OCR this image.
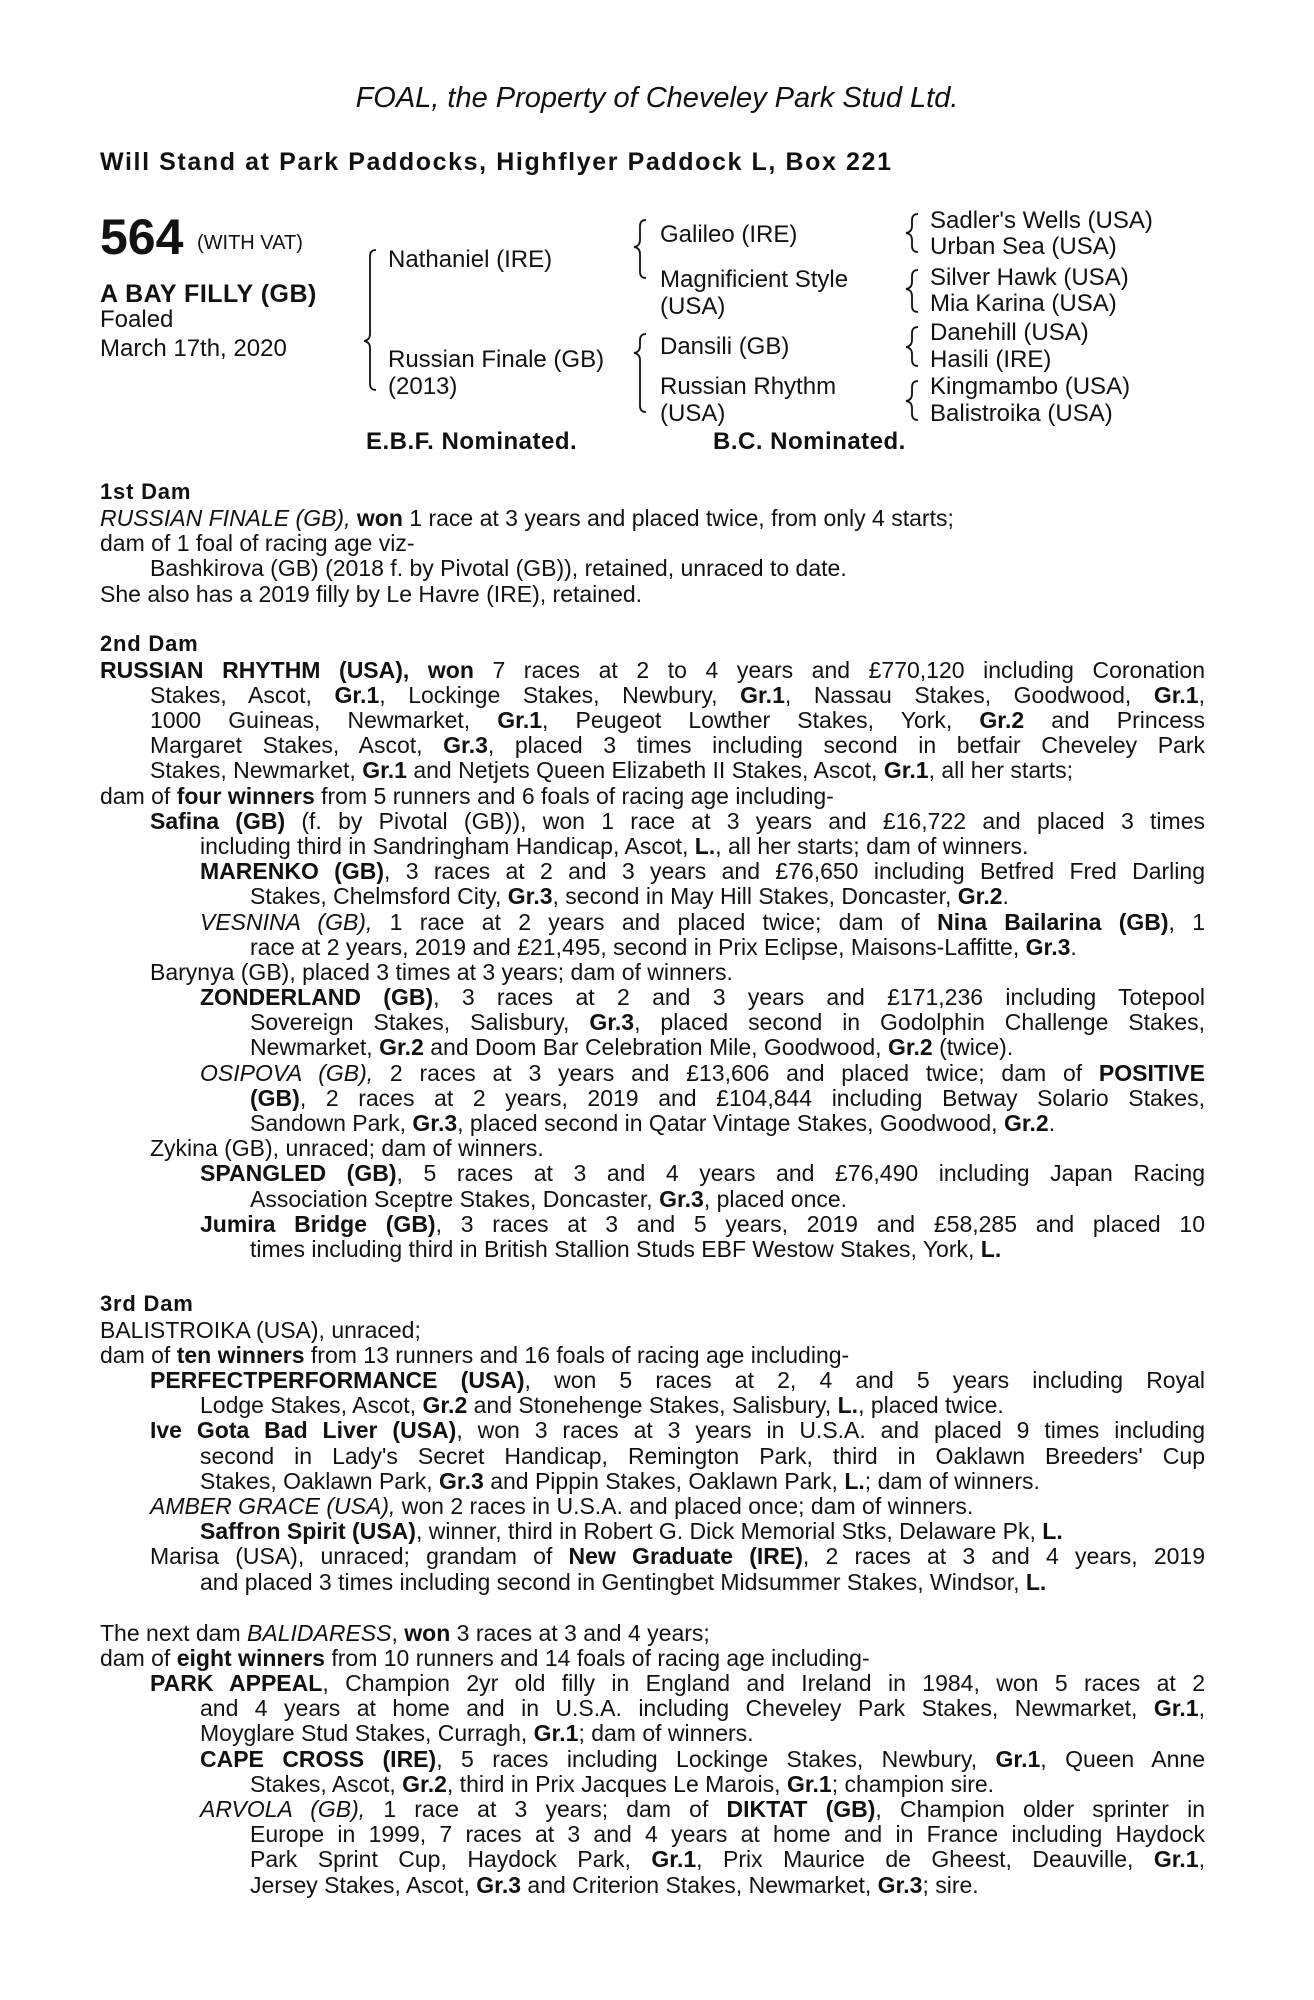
FOAL, the Property of Cheveley Park Stud Ltd.
Will Stand at Park Paddocks, Highflyer Paddock L, Box 221
564 (WITH VAT)
A BAY FILLY (GB)
Foaled
March 17th, 2020
Nathaniel (IRE)
Russian Finale (GB)
(2013)
Galileo (IRE)
Magnificient Style
(USA)
Dansili (GB)
Russian Rhythm
(USA)
Sadler's Wells (USA)
Urban Sea (USA)
Silver Hawk (USA)
Mia Karina (USA)
Danehill (USA)
Hasili (IRE)
Kingmambo (USA)
Balistroika (USA)
E.B.F. Nominated.	B.C. Nominated.
1st Dam
2nd Dam
3rd Dam
RUSSIAN FINALE (GB), won 1 race at 3 years and placed twice, from only 4 starts;
dam of 1 foal of racing age viz-
Bashkirova (GB) (2018 f. by Pivotal (GB)), retained, unraced to date.
She also has a 2019 filly by Le Havre (IRE), retained.
RUSSIAN RHYTHM (USA), won 7 races at 2 to 4 years and £770,120 including Coronation
Stakes, Ascot, Gr.1, Lockinge Stakes, Newbury, Gr.1, Nassau Stakes, Goodwood, Gr.1,
1000 Guineas, Newmarket, Gr.1, Peugeot Lowther Stakes, York, Gr.2 and Princess
Margaret Stakes, Ascot, Gr.3, placed 3 times including second in betfair Cheveley Park
Stakes, Newmarket, Gr.1 and Netjets Queen Elizabeth II Stakes, Ascot, Gr.1, all her starts;
dam of four winners from 5 runners and 6 foals of racing age including-
Safina (GB) (f. by Pivotal (GB)), won 1 race at 3 years and £16,722 and placed 3 times
including third in Sandringham Handicap, Ascot, L., all her starts; dam of winners.
MARENKO (GB), 3 races at 2 and 3 years and £76,650 including Betfred Fred Darling
Stakes, Chelmsford City, Gr.3, second in May Hill Stakes, Doncaster, Gr.2.
VESNINA (GB), 1 race at 2 years and placed twice; dam of Nina Bailarina (GB), 1
race at 2 years, 2019 and £21,495, second in Prix Eclipse, Maisons-Laffitte, Gr.3.
Barynya (GB), placed 3 times at 3 years; dam of winners.
ZONDERLAND (GB), 3 races at 2 and 3 years and £171,236 including Totepool
Sovereign Stakes, Salisbury, Gr.3, placed second in Godolphin Challenge Stakes,
Newmarket, Gr.2 and Doom Bar Celebration Mile, Goodwood, Gr.2 (twice).
OSIPOVA (GB), 2 races at 3 years and £13,606 and placed twice; dam of POSITIVE
(GB), 2 races at 2 years, 2019 and £104,844 including Betway Solario Stakes,
Sandown Park, Gr.3, placed second in Qatar Vintage Stakes, Goodwood, Gr.2.
Zykina (GB), unraced; dam of winners.
SPANGLED (GB), 5 races at 3 and 4 years and £76,490 including Japan Racing
Association Sceptre Stakes, Doncaster, Gr.3, placed once.
Jumira Bridge (GB), 3 races at 3 and 5 years, 2019 and £58,285 and placed 10
times including third in British Stallion Studs EBF Westow Stakes, York, L.
BALISTROIKA (USA), unraced;
dam of ten winners from 13 runners and 16 foals of racing age including-
PERFECTPERFORMANCE (USA), won 5 races at 2, 4 and 5 years including Royal
Lodge Stakes, Ascot, Gr.2 and Stonehenge Stakes, Salisbury, L., placed twice.
Ive Gota Bad Liver (USA), won 3 races at 3 years in U.S.A. and placed 9 times including
second in Lady's Secret Handicap, Remington Park, third in Oaklawn Breeders' Cup
Stakes, Oaklawn Park, Gr.3 and Pippin Stakes, Oaklawn Park, L.; dam of winners.
AMBER GRACE (USA), won 2 races in U.S.A. and placed once; dam of winners.
Saffron Spirit (USA), winner, third in Robert G. Dick Memorial Stks, Delaware Pk, L.
Marisa (USA), unraced; grandam of New Graduate (IRE), 2 races at 3 and 4 years, 2019
and placed 3 times including second in Gentingbet Midsummer Stakes, Windsor, L.
The next dam BALIDARESS, won 3 races at 3 and 4 years;
dam of eight winners from 10 runners and 14 foals of racing age including-
PARK APPEAL, Champion 2yr old filly in England and Ireland in 1984, won 5 races at 2
and 4 years at home and in U.S.A. including Cheveley Park Stakes, Newmarket, Gr.1,
Moyglare Stud Stakes, Curragh, Gr.1; dam of winners.
CAPE CROSS (IRE), 5 races including Lockinge Stakes, Newbury, Gr.1, Queen Anne
Stakes, Ascot, Gr.2, third in Prix Jacques Le Marois, Gr.1; champion sire.
ARVOLA (GB), 1 race at 3 years; dam of DIKTAT (GB), Champion older sprinter in
Europe in 1999, 7 races at 3 and 4 years at home and in France including Haydock
Park Sprint Cup, Haydock Park, Gr.1, Prix Maurice de Gheest, Deauville, Gr.1,
Jersey Stakes, Ascot, Gr.3 and Criterion Stakes, Newmarket, Gr.3; sire.
